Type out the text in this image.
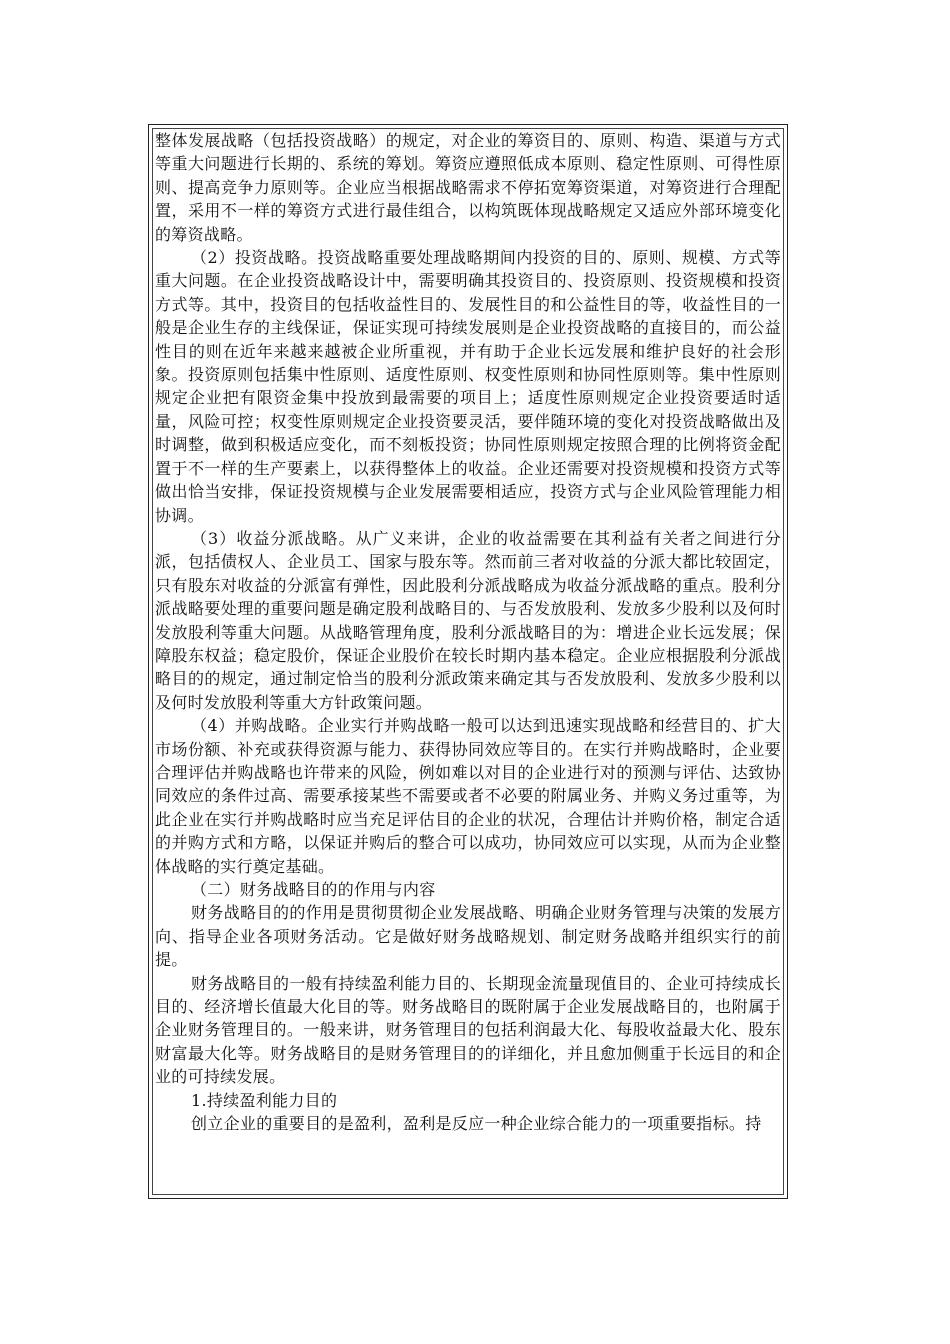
整体发展战略（包括投资战略）的规定，对企业的筹资目的、原则、构造、渠道与方式等重大问题进行长期的、系统的筹划。筹资应遵照低成本原则、稳定性原则、可得性原则、提高竞争力原则等。企业应当根据战略需求不停拓宽筹资渠道，对筹资进行合理配置，采用不一样的筹资方式进行最佳组合，以构筑既体现战略规定又适应外部环境变化的筹资战略。

（2）投资战略。投资战略重要处理战略期间内投资的目的、原则、规模、方式等重大问题。在企业投资战略设计中，需要明确其投资目的、投资原则、投资规模和投资方式等。其中，投资目的包括收益性目的、发展性目的和公益性目的等，收益性目的一般是企业生存的主线保证，保证实现可持续发展则是企业投资战略的直接目的，而公益性目的则在近年来越来越被企业所重视，并有助于企业长远发展和维护良好的社会形象。投资原则包括集中性原则、适度性原则、权变性原则和协同性原则等。集中性原则规定企业把有限资金集中投放到最需要的项目上；适度性原则规定企业投资要适时适量，风险可控；权变性原则规定企业投资要灵活，要伴随环境的变化对投资战略做出及时调整，做到积极适应变化，而不刻板投资；协同性原则规定按照合理的比例将资金配置于不一样的生产要素上，以获得整体上的收益。企业还需要对投资规模和投资方式等做出恰当安排，保证投资规模与企业发展需要相适应，投资方式与企业风险管理能力相协调。

（3）收益分派战略。从广义来讲，企业的收益需要在其利益有关者之间进行分派，包括债权人、企业员工、国家与股东等。然而前三者对收益的分派大都比较固定，只有股东对收益的分派富有弹性，因此股利分派战略成为收益分派战略的重点。股利分派战略要处理的重要问题是确定股利战略目的、与否发放股利、发放多少股利以及何时发放股利等重大问题。从战略管理角度，股利分派战略目的为：增进企业长远发展；保障股东权益；稳定股价，保证企业股价在较长时期内基本稳定。企业应根据股利分派战略目的的规定，通过制定恰当的股利分派政策来确定其与否发放股利、发放多少股利以及何时发放股利等重大方针政策问题。

（4）并购战略。企业实行并购战略一般可以达到迅速实现战略和经营目的、扩大市场份额、补充或获得资源与能力、获得协同效应等目的。在实行并购战略时，企业要合理评估并购战略也许带来的风险，例如难以对目的企业进行对的预测与评估、达致协同效应的条件过高、需要承接某些不需要或者不必要的附属业务、并购义务过重等，为此企业在实行并购战略时应当充足评估目的企业的状况，合理估计并购价格，制定合适的并购方式和方略，以保证并购后的整合可以成功，协同效应可以实现，从而为企业整体战略的实行奠定基础。

（二）财务战略目的的作用与内容

财务战略目的的作用是贯彻贯彻企业发展战略、明确企业财务管理与决策的发展方向、指导企业各项财务活动。它是做好财务战略规划、制定财务战略并组织实行的前提。

财务战略目的一般有持续盈利能力目的、长期现金流量现值目的、企业可持续成长目的、经济增长值最大化目的等。财务战略目的既附属于企业发展战略目的，也附属于企业财务管理目的。一般来讲，财务管理目的包括利润最大化、每股收益最大化、股东财富最大化等。财务战略目的是财务管理目的的详细化，并且愈加侧重于长远目的和企业的可持续发展。

1.持续盈利能力目的

创立企业的重要目的是盈利，盈利是反应一种企业综合能力的一项重要指标。持
